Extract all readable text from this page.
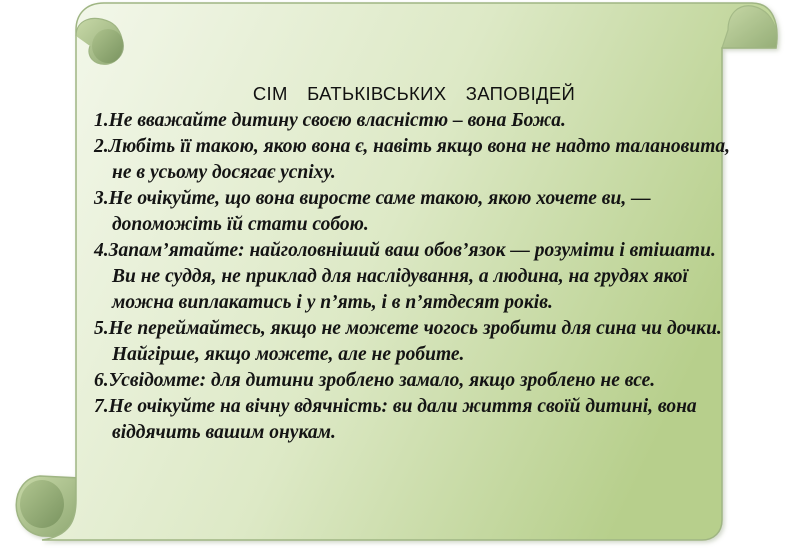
СІМ БАТЬКІВСЬКИХ ЗАПОВІДЕЙ
1.Не вважайте дитину своєю власністю – вона Божа.
2.Любіть її такою, якою вона є, навіть якщо вона не надто талановита, не в усьому досягає успіху.
3.Не очікуйте, що вона виросте саме такою, якою хочете ви, — допоможіть їй стати собою.
4.Запам’ятайте: найголовніший ваш обов’язок — розуміти і втішати. Ви не суддя, не приклад для наслідування, а людина, на грудях якої можна виплакатись і у п’ять, і в п’ятдесят років.
5.Не переймайтесь, якщо не можете чогось зробити для сина чи дочки. Найгірше, якщо можете, але не робите.
6.Усвідомте: для дитини зроблено замало, якщо зроблено не все.
7.Не очікуйте на вічну вдячність: ви дали життя своїй дитині, вона віддячить вашим онукам.
